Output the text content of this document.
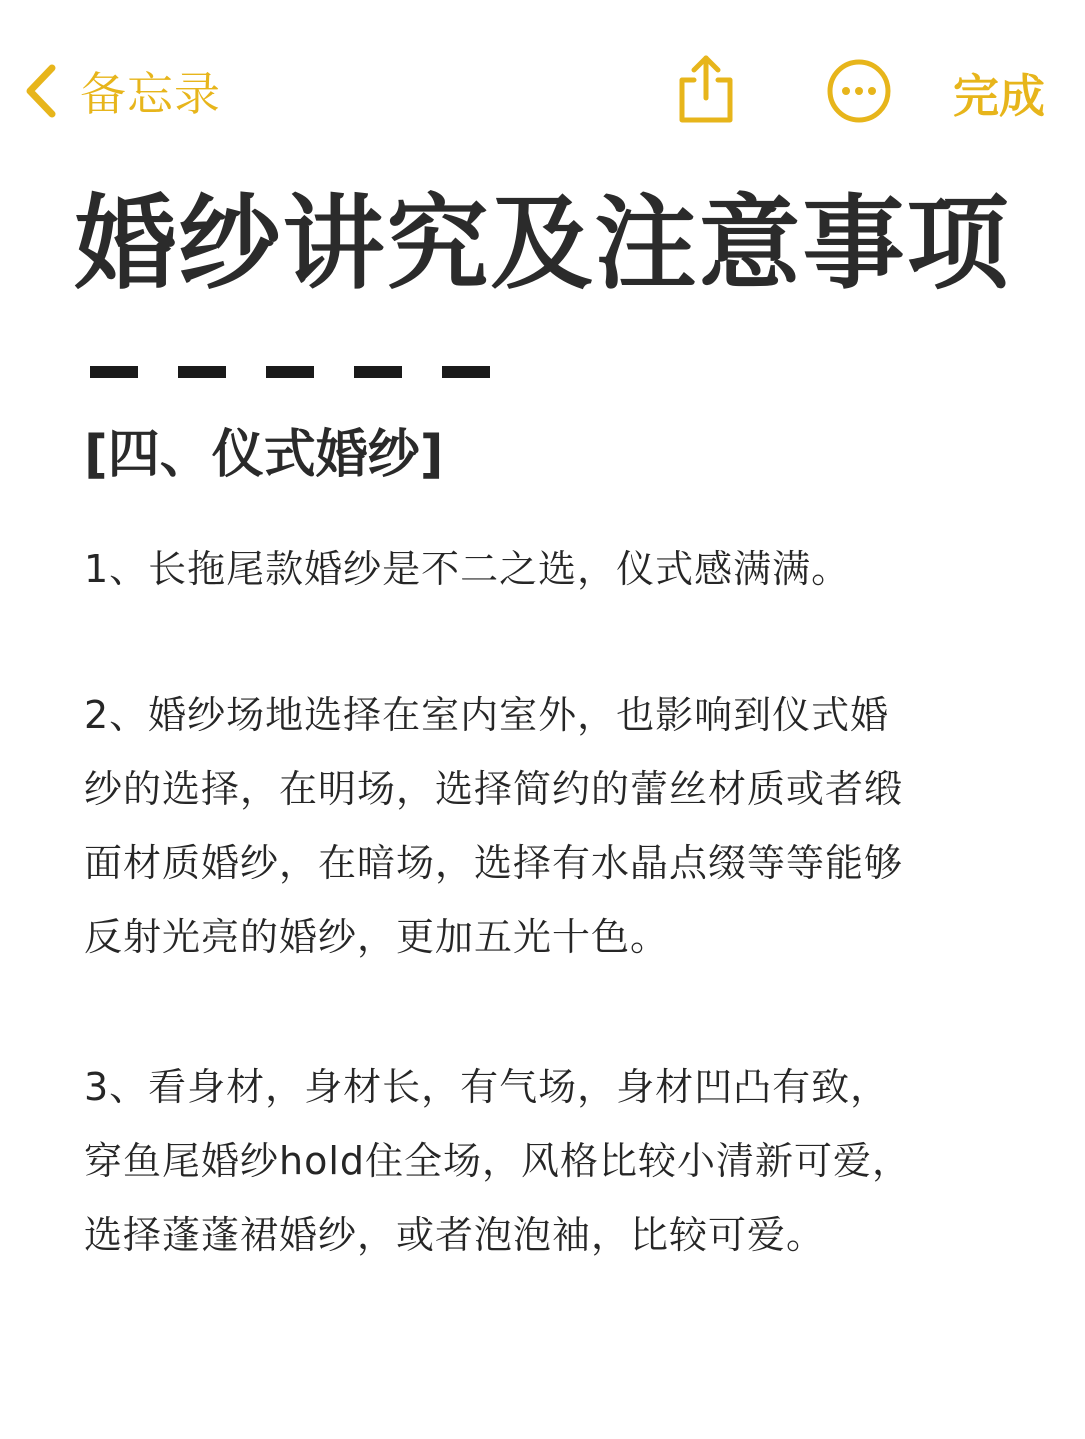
备忘录	完成
婚纱讲究及注意事项
[四、仪式婚纱]
1、长拖尾款婚纱是不二之选，仪式感满满。
2、婚纱场地选择在室内室外，也影响到仪式婚
纱的选择，在明场，选择简约的蕾丝材质或者缎
面材质婚纱，在暗场，选择有水晶点缀等等能够
反射光亮的婚纱，更加五光十色。
3、看身材，身材长，有气场，身材凹凸有致，
穿鱼尾婚纱hold住全场，风格比较小清新可爱，
选择蓬蓬裙婚纱，或者泡泡袖，比较可爱。
